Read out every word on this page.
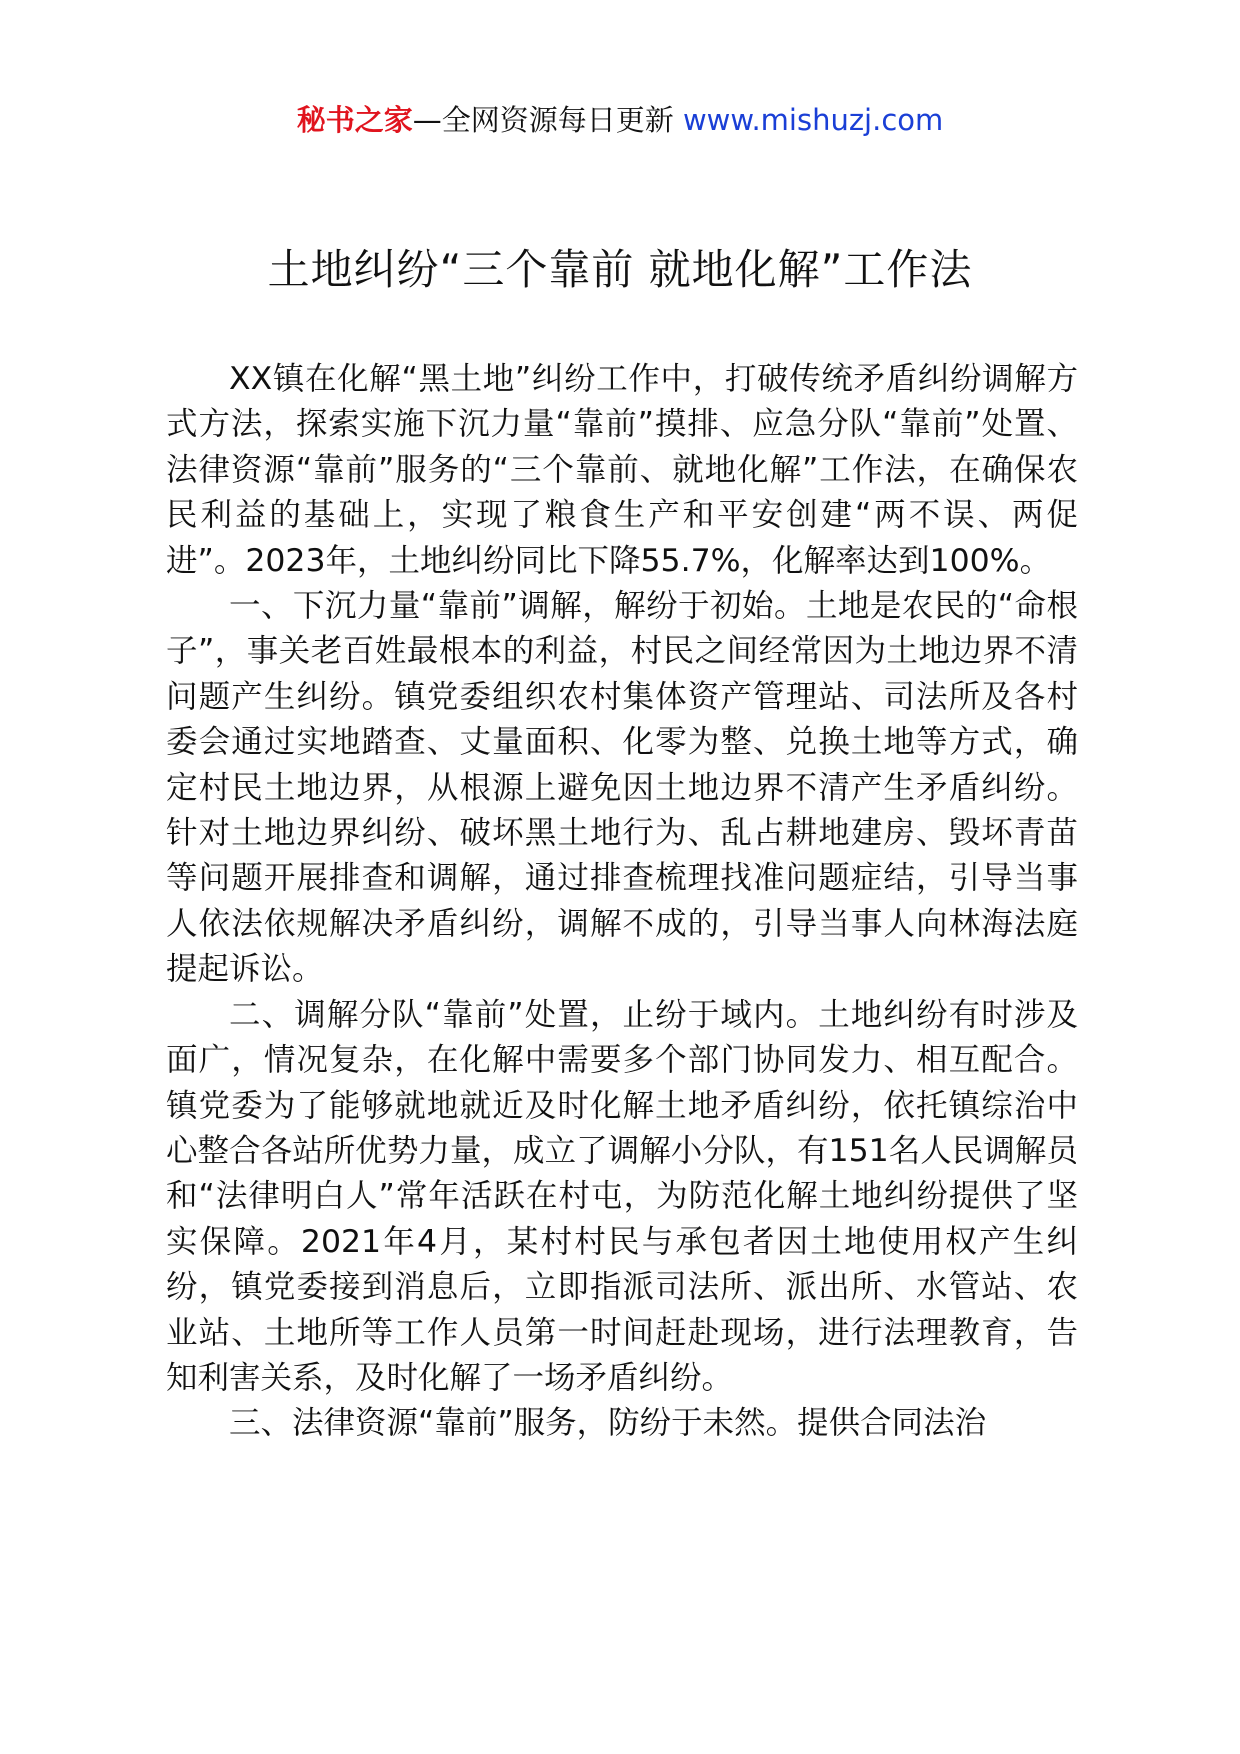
秘书之家—全网资源每日更新 www.mishuzj.com
土地纠纷“三个靠前 就地化解”工作法

XX镇在化解“黑土地”纠纷工作中，打破传统矛盾纠纷调解方式方法，探索实施下沉力量“靠前”摸排、应急分队“靠前”处置、法律资源“靠前”服务的“三个靠前、就地化解”工作法，在确保农民利益的基础上，实现了粮食生产和平安创建“两不误、两促进”。2023年，土地纠纷同比下降55.7%，化解率达到100%。

一、下沉力量“靠前”调解，解纷于初始。土地是农民的“命根子”，事关老百姓最根本的利益，村民之间经常因为土地边界不清问题产生纠纷。镇党委组织农村集体资产管理站、司法所及各村委会通过实地踏查、丈量面积、化零为整、兑换土地等方式，确定村民土地边界，从根源上避免因土地边界不清产生矛盾纠纷。针对土地边界纠纷、破坏黑土地行为、乱占耕地建房、毁坏青苗等问题开展排查和调解，通过排查梳理找准问题症结，引导当事人依法依规解决矛盾纠纷，调解不成的，引导当事人向林海法庭提起诉讼。

二、调解分队“靠前”处置，止纷于域内。土地纠纷有时涉及面广，情况复杂，在化解中需要多个部门协同发力、相互配合。镇党委为了能够就地就近及时化解土地矛盾纠纷，依托镇综治中心整合各站所优势力量，成立了调解小分队，有151名人民调解员和“法律明白人”常年活跃在村屯，为防范化解土地纠纷提供了坚实保障。2021年4月，某村村民与承包者因土地使用权产生纠纷，镇党委接到消息后，立即指派司法所、派出所、水管站、农业站、土地所等工作人员第一时间赶赴现场，进行法理教育，告知利害关系，及时化解了一场矛盾纠纷。

三、法律资源“靠前”服务，防纷于未然。提供合同法治
